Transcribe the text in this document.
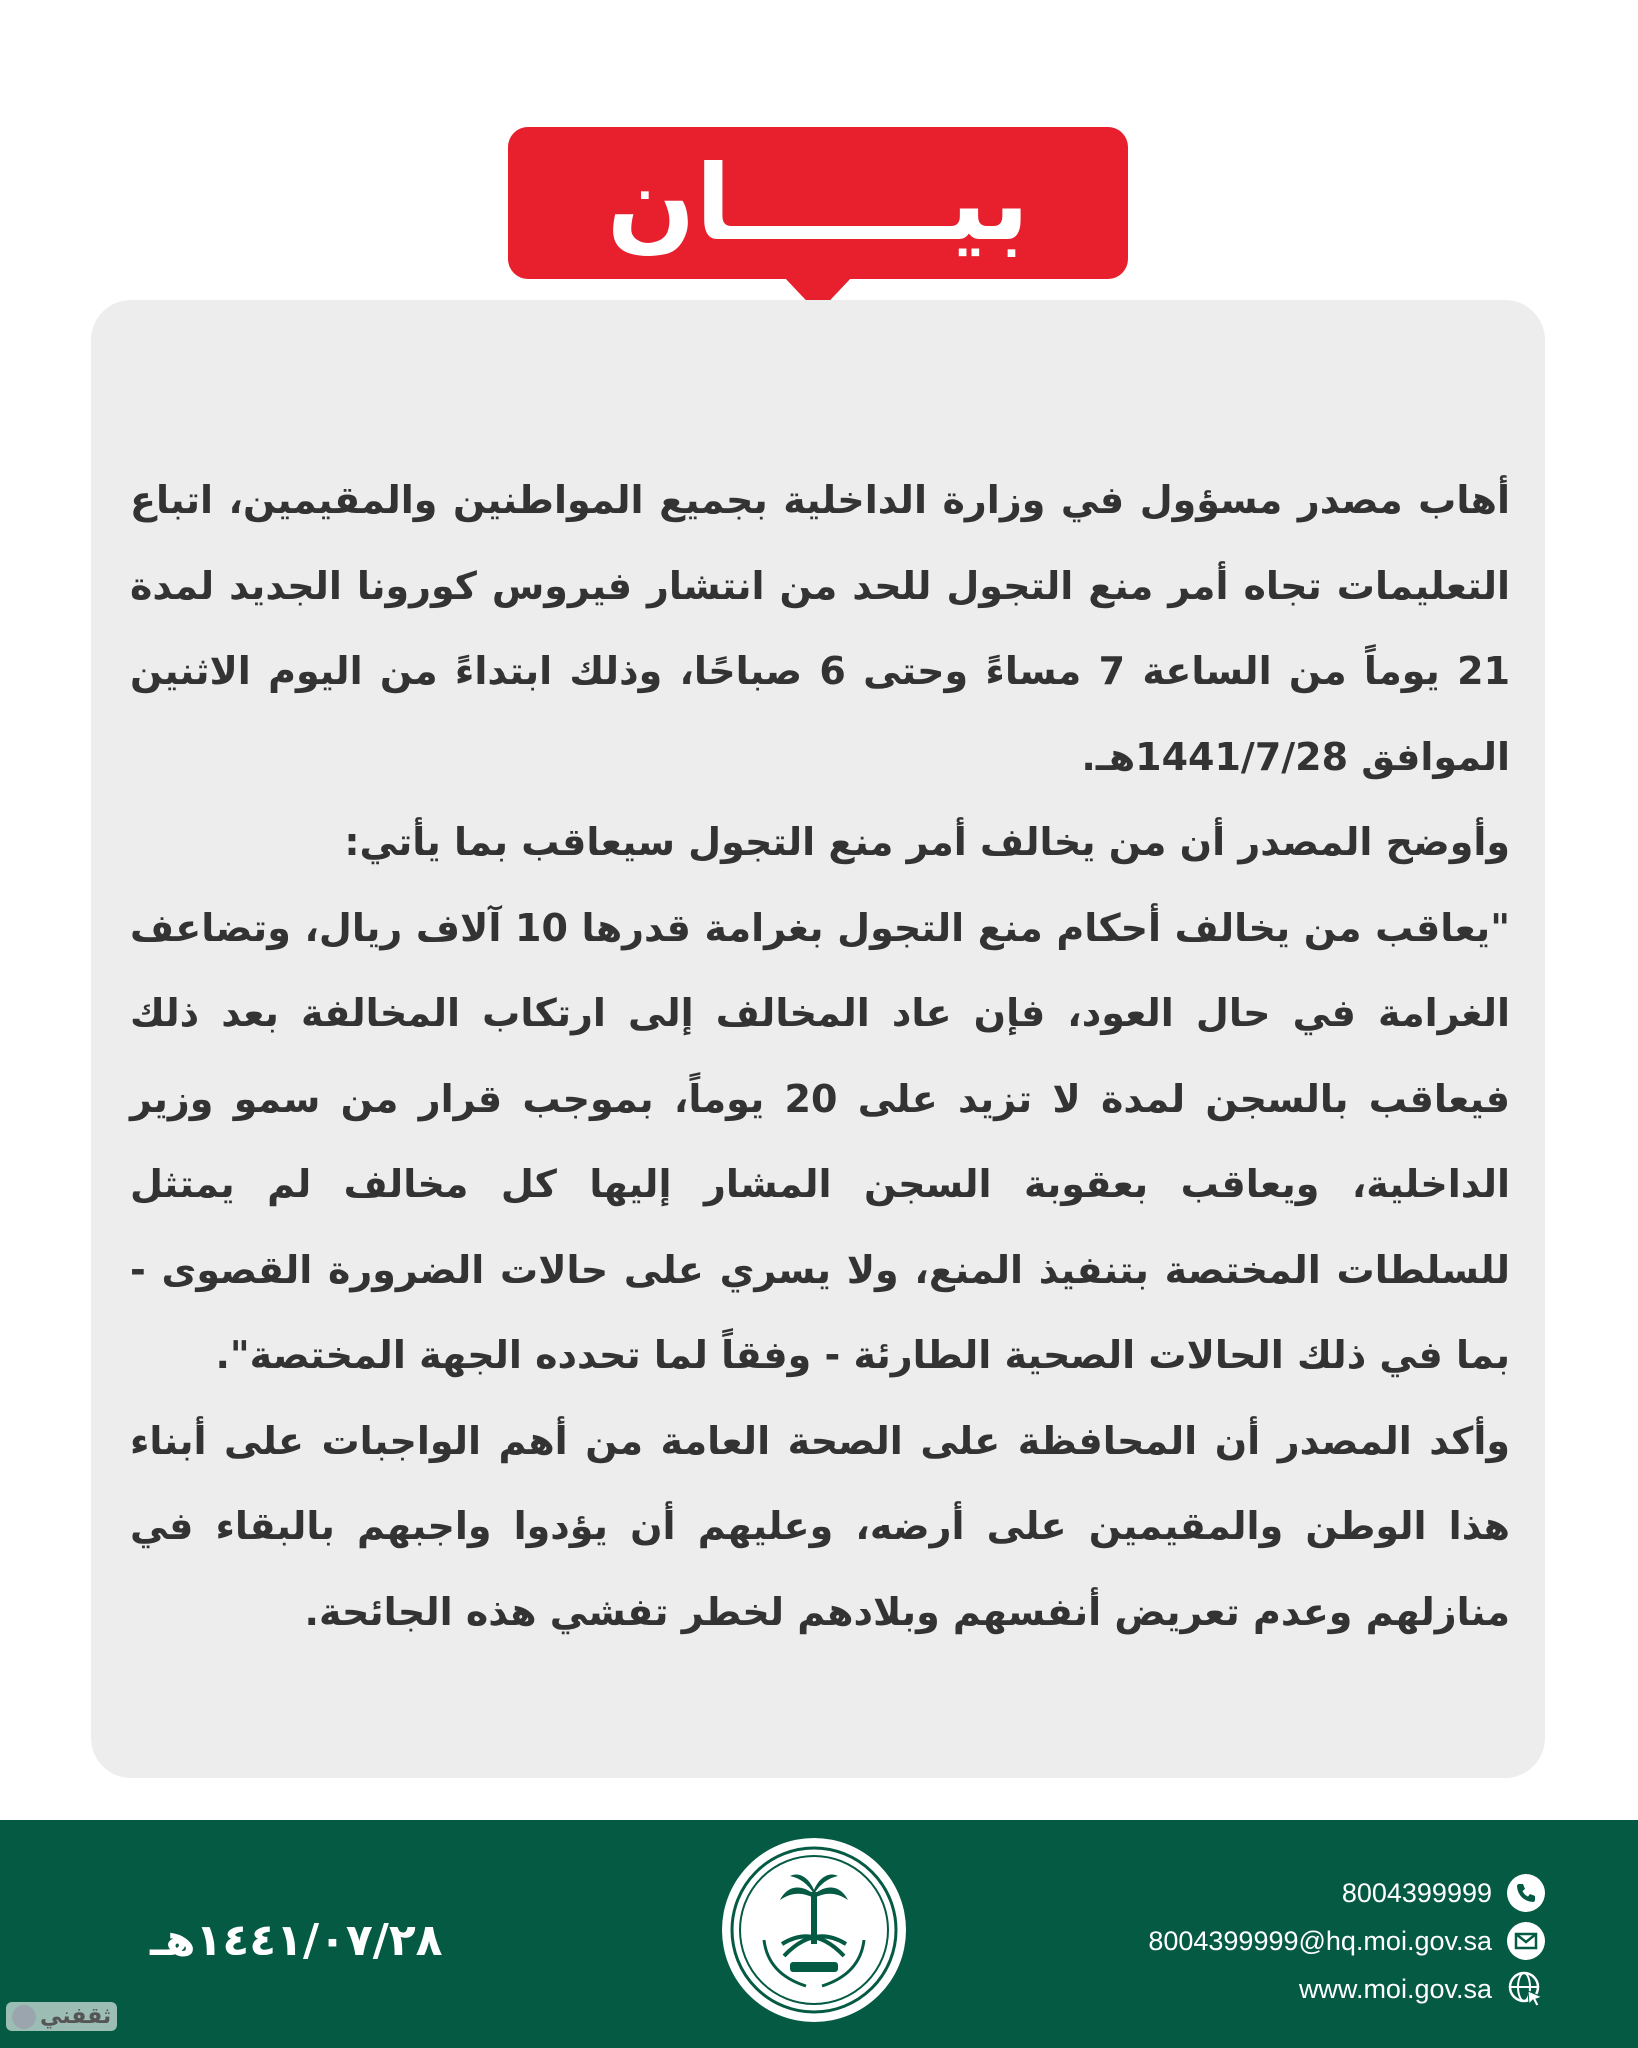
بيــــــان

أهاب مصدر مسؤول في وزارة الداخلية بجميع المواطنين والمقيمين، اتباع التعليمات تجاه أمر منع التجول للحد من انتشار فيروس كورونا الجديد لمدة 21 يوماً من الساعة 7 مساءً وحتى 6 صباحًا، وذلك ابتداءً من اليوم الاثنين الموافق 1441/7/28هـ.

وأوضح المصدر أن من يخالف أمر منع التجول سيعاقب بما يأتي:

"يعاقب من يخالف أحكام منع التجول بغرامة قدرها 10 آلاف ريال، وتضاعف الغرامة في حال العود، فإن عاد المخالف إلى ارتكاب المخالفة بعد ذلك فيعاقب بالسجن لمدة لا تزيد على 20 يوماً، بموجب قرار من سمو وزير الداخلية، ويعاقب بعقوبة السجن المشار إليها كل مخالف لم يمتثل للسلطات المختصة بتنفيذ المنع، ولا يسري على حالات الضرورة القصوى - بما في ذلك الحالات الصحية الطارئة - وفقاً لما تحدده الجهة المختصة".

وأكد المصدر أن المحافظة على الصحة العامة من أهم الواجبات على أبناء هذا الوطن والمقيمين على أرضه، وعليهم أن يؤدوا واجبهم بالبقاء في منازلهم وعدم تعريض أنفسهم وبلادهم لخطر تفشي هذه الجائحة.

١٤٤١/٠٧/٢٨هـ
8004399999
8004399999@hq.moi.gov.sa
www.moi.gov.sa
ثقفني
